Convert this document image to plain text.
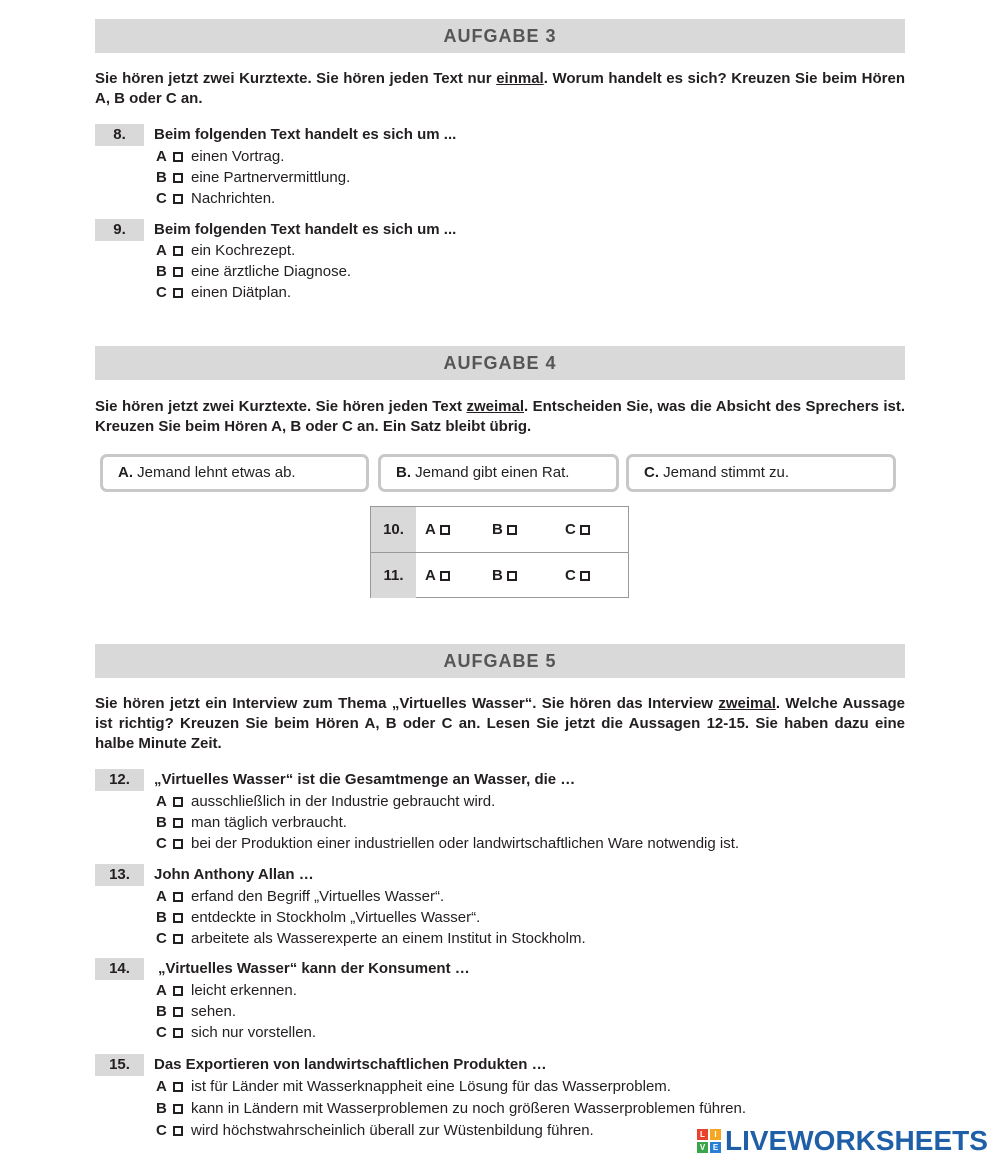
AUFGABE 3
Sie hören jetzt zwei Kurztexte. Sie hören jeden Text nur einmal. Worum handelt es sich? Kreuzen Sie beim Hören A, B oder C an.
8.	Beim folgenden Text handelt es sich um ...
A einen Vortrag.
B eine Partnervermittlung.
C Nachrichten.
9.	Beim folgenden Text handelt es sich um ...
A ein Kochrezept.
B eine ärztliche Diagnose.
C einen Diätplan.
AUFGABE 4
Sie hören jetzt zwei Kurztexte. Sie hören jeden Text zweimal. Entscheiden Sie, was die Absicht des Sprechers ist. Kreuzen Sie beim Hören A, B oder C an. Ein Satz bleibt übrig.
A. Jemand lehnt etwas ab.	B. Jemand gibt einen Rat.	C. Jemand stimmt zu.
10.	A	B	C
11.	A	B	C
AUFGABE 5
Sie hören jetzt ein Interview zum Thema „Virtuelles Wasser“. Sie hören das Interview zweimal. Welche Aussage ist richtig? Kreuzen Sie beim Hören A, B oder C an. Lesen Sie jetzt die Aussagen 12-15. Sie haben dazu eine halbe Minute Zeit.
12.	„Virtuelles Wasser“ ist die Gesamtmenge an Wasser, die …
A ausschließlich in der Industrie gebraucht wird.
B man täglich verbraucht.
C bei der Produktion einer industriellen oder landwirtschaftlichen Ware notwendig ist.
13.	John Anthony Allan …
A erfand den Begriff „Virtuelles Wasser“.
B entdeckte in Stockholm „Virtuelles Wasser“.
C arbeitete als Wasserexperte an einem Institut in Stockholm.
14.	„Virtuelles Wasser“ kann der Konsument …
A leicht erkennen.
B sehen.
C sich nur vorstellen.
15.	Das Exportieren von landwirtschaftlichen Produkten …
A ist für Länder mit Wasserknappheit eine Lösung für das Wasserproblem.
B kann in Ländern mit Wasserproblemen zu noch größeren Wasserproblemen führen.
C wird höchstwahrscheinlich überall zur Wüstenbildung führen.	L	I
V E LIVEWORKSHEETS
